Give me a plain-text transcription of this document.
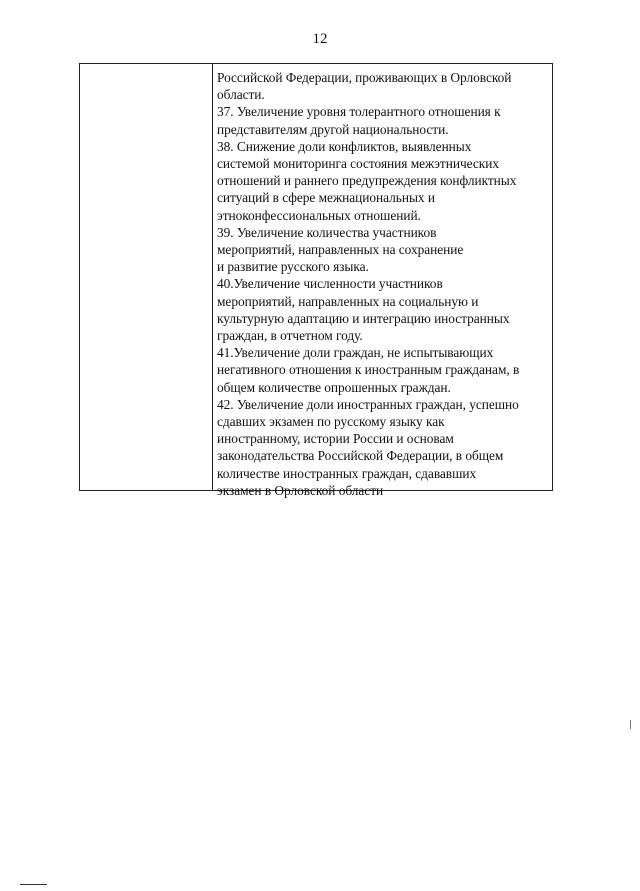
12
Российской Федерации, проживающих в Орловской
области.
37. Увеличение уровня толерантного отношения к
представителям другой национальности.
38. Снижение доли конфликтов, выявленных
системой мониторинга состояния межэтнических
отношений и раннего предупреждения конфликтных
ситуаций в сфере межнациональных и
этноконфессиональных отношений.
39. Увеличение количества участников
мероприятий, направленных на сохранение
и развитие русского языка.
40.Увеличение численности участников
мероприятий, направленных на социальную и
культурную адаптацию и интеграцию иностранных
граждан, в отчетном году.
41.Увеличение доли граждан, не испытывающих
негативного отношения к иностранным гражданам, в
общем количестве опрошенных граждан.
42. Увеличение доли иностранных граждан, успешно
сдавших экзамен по русскому языку как
иностранному, истории России и основам
законодательства Российской Федерации, в общем
количестве иностранных граждан, сдававших
экзамен в Орловской области
